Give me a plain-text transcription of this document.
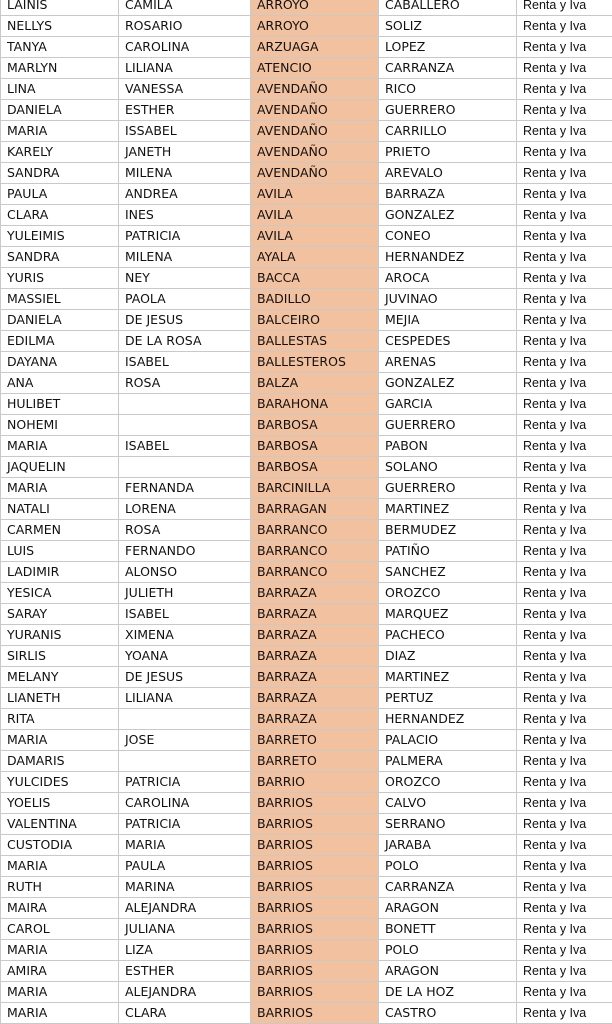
LAINIS	CAMILA	ARROYO	CABALLERO	Renta y Iva
NELLYS	ROSARIO	ARROYO	SOLIZ	Renta y Iva
TANYA	CAROLINA	ARZUAGA	LOPEZ	Renta y Iva
MARLYN	LILIANA	ATENCIO	CARRANZA	Renta y Iva
LINA	VANESSA	AVENDAÑO	RICO	Renta y Iva
DANIELA	ESTHER	AVENDAÑO	GUERRERO	Renta y Iva
MARIA	ISSABEL	AVENDAÑO	CARRILLO	Renta y Iva
KARELY	JANETH	AVENDAÑO	PRIETO	Renta y Iva
SANDRA	MILENA	AVENDAÑO	AREVALO	Renta y Iva
PAULA	ANDREA	AVILA	BARRAZA	Renta y Iva
CLARA	INES	AVILA	GONZALEZ	Renta y Iva
YULEIMIS	PATRICIA	AVILA	CONEO	Renta y Iva
SANDRA	MILENA	AYALA	HERNANDEZ	Renta y Iva
YURIS	NEY	BACCA	AROCA	Renta y Iva
MASSIEL	PAOLA	BADILLO	JUVINAO	Renta y Iva
DANIELA	DE JESUS	BALCEIRO	MEJIA	Renta y Iva
EDILMA	DE LA ROSA	BALLESTAS	CESPEDES	Renta y Iva
DAYANA	ISABEL	BALLESTEROS	ARENAS	Renta y Iva
ANA	ROSA	BALZA	GONZALEZ	Renta y Iva
HULIBET		BARAHONA	GARCIA	Renta y Iva
NOHEMI		BARBOSA	GUERRERO	Renta y Iva
MARIA	ISABEL	BARBOSA	PABON	Renta y Iva
JAQUELIN		BARBOSA	SOLANO	Renta y Iva
MARIA	FERNANDA	BARCINILLA	GUERRERO	Renta y Iva
NATALI	LORENA	BARRAGAN	MARTINEZ	Renta y Iva
CARMEN	ROSA	BARRANCO	BERMUDEZ	Renta y Iva
LUIS	FERNANDO	BARRANCO	PATIÑO	Renta y Iva
LADIMIR	ALONSO	BARRANCO	SANCHEZ	Renta y Iva
YESICA	JULIETH	BARRAZA	OROZCO	Renta y Iva
SARAY	ISABEL	BARRAZA	MARQUEZ	Renta y Iva
YURANIS	XIMENA	BARRAZA	PACHECO	Renta y Iva
SIRLIS	YOANA	BARRAZA	DIAZ	Renta y Iva
MELANY	DE JESUS	BARRAZA	MARTINEZ	Renta y Iva
LIANETH	LILIANA	BARRAZA	PERTUZ	Renta y Iva
RITA		BARRAZA	HERNANDEZ	Renta y Iva
MARIA	JOSE	BARRETO	PALACIO	Renta y Iva
DAMARIS		BARRETO	PALMERA	Renta y Iva
YULCIDES	PATRICIA	BARRIO	OROZCO	Renta y Iva
YOELIS	CAROLINA	BARRIOS	CALVO	Renta y Iva
VALENTINA	PATRICIA	BARRIOS	SERRANO	Renta y Iva
CUSTODIA	MARIA	BARRIOS	JARABA	Renta y Iva
MARIA	PAULA	BARRIOS	POLO	Renta y Iva
RUTH	MARINA	BARRIOS	CARRANZA	Renta y Iva
MAIRA	ALEJANDRA	BARRIOS	ARAGON	Renta y Iva
CAROL	JULIANA	BARRIOS	BONETT	Renta y Iva
MARIA	LIZA	BARRIOS	POLO	Renta y Iva
AMIRA	ESTHER	BARRIOS	ARAGON	Renta y Iva
MARIA	ALEJANDRA	BARRIOS	DE LA HOZ	Renta y Iva
MARIA	CLARA	BARRIOS	CASTRO	Renta y Iva
